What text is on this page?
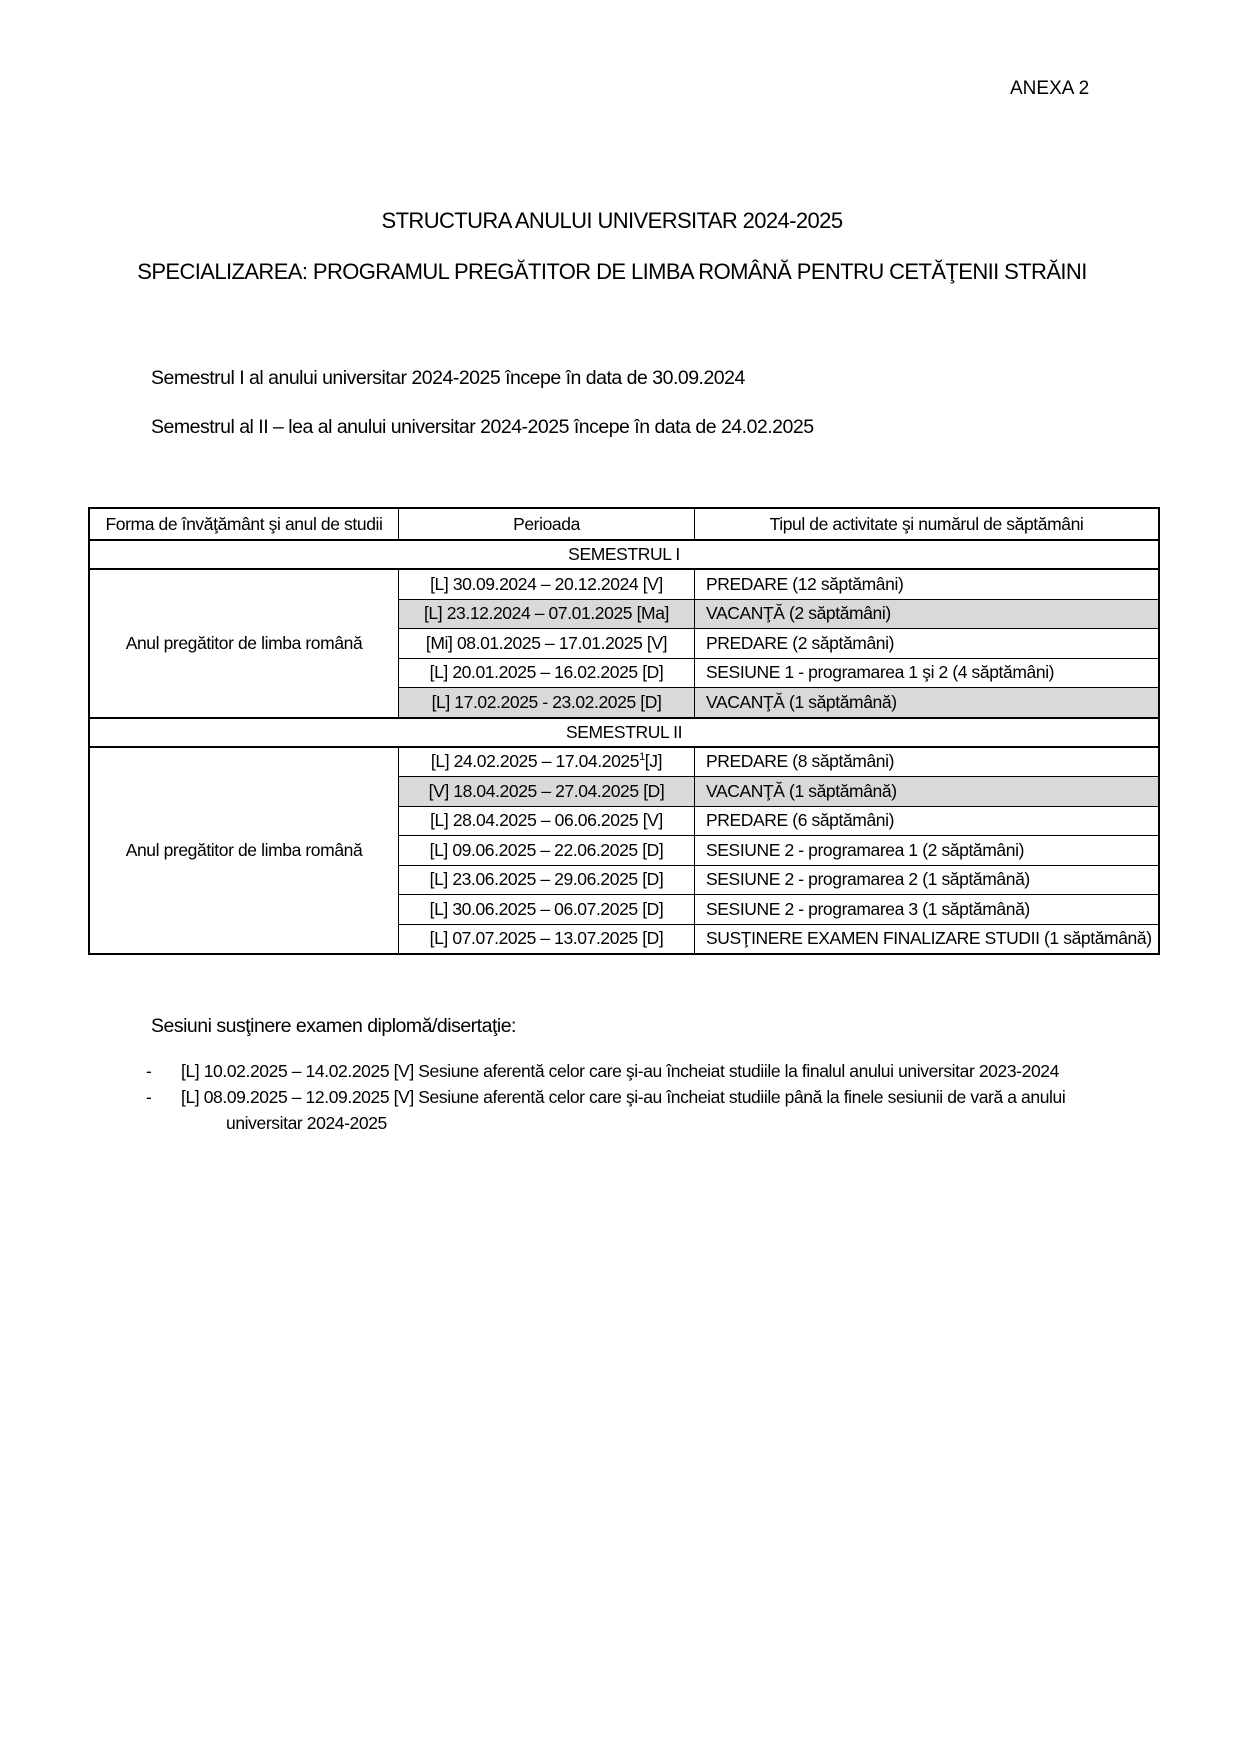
ANEXA 2
STRUCTURA ANULUI UNIVERSITAR 2024-2025
SPECIALIZAREA: PROGRAMUL PREGĂTITOR DE LIMBA ROMÂNĂ PENTRU CETĂŢENII STRĂINI
Semestrul I al anului universitar 2024-2025 începe în data de 30.09.2024
Semestrul al II – lea al anului universitar 2024-2025 începe în data de 24.02.2025
Forma de învăţământ şi anul de studii	Perioada	Tipul de activitate şi numărul de săptămâni
SEMESTRUL I		
Anul pregătitor de limba română	[L] 30.09.2024 – 20.12.2024 [V]	PREDARE (12 săptămâni)
	[L] 23.12.2024 – 07.01.2025 [Ma]	VACANŢĂ (2 săptămâni)
	[Mi] 08.01.2025 – 17.01.2025 [V]	PREDARE (2 săptămâni)
	[L] 20.01.2025 – 16.02.2025 [D]	SESIUNE 1 - programarea 1 şi 2 (4 săptămâni)
	[L] 17.02.2025 - 23.02.2025 [D]	VACANŢĂ (1 săptămână)
SEMESTRUL II		
Anul pregătitor de limba română	[L] 24.02.2025 – 17.04.2025$^1$[J]	PREDARE (8 săptămâni)
	[V] 18.04.2025 – 27.04.2025 [D]	VACANŢĂ (1 săptămână)
	[L] 28.04.2025 – 06.06.2025 [V]	PREDARE (6 săptămâni)
	[L] 09.06.2025 – 22.06.2025 [D]	SESIUNE 2 - programarea 1 (2 săptămâni)
	[L] 23.06.2025 – 29.06.2025 [D]	SESIUNE 2 - programarea 2 (1 săptămână)
	[L] 30.06.2025 – 06.07.2025 [D]	SESIUNE 2 - programarea 3 (1 săptămână)
	[L] 07.07.2025 – 13.07.2025 [D]	SUSŢINERE EXAMEN FINALIZARE STUDII (1 săptămână)
Sesiuni susţinere examen diplomă/disertaţie:
- [L] 10.02.2025 – 14.02.2025 [V] Sesiune aferentă celor care şi-au încheiat studiile la finalul anului universitar 2023-2024
- [L] 08.09.2025 – 12.09.2025 [V] Sesiune aferentă celor care şi-au încheiat studiile până la finele sesiunii de vară a anului
universitar 2024-2025
